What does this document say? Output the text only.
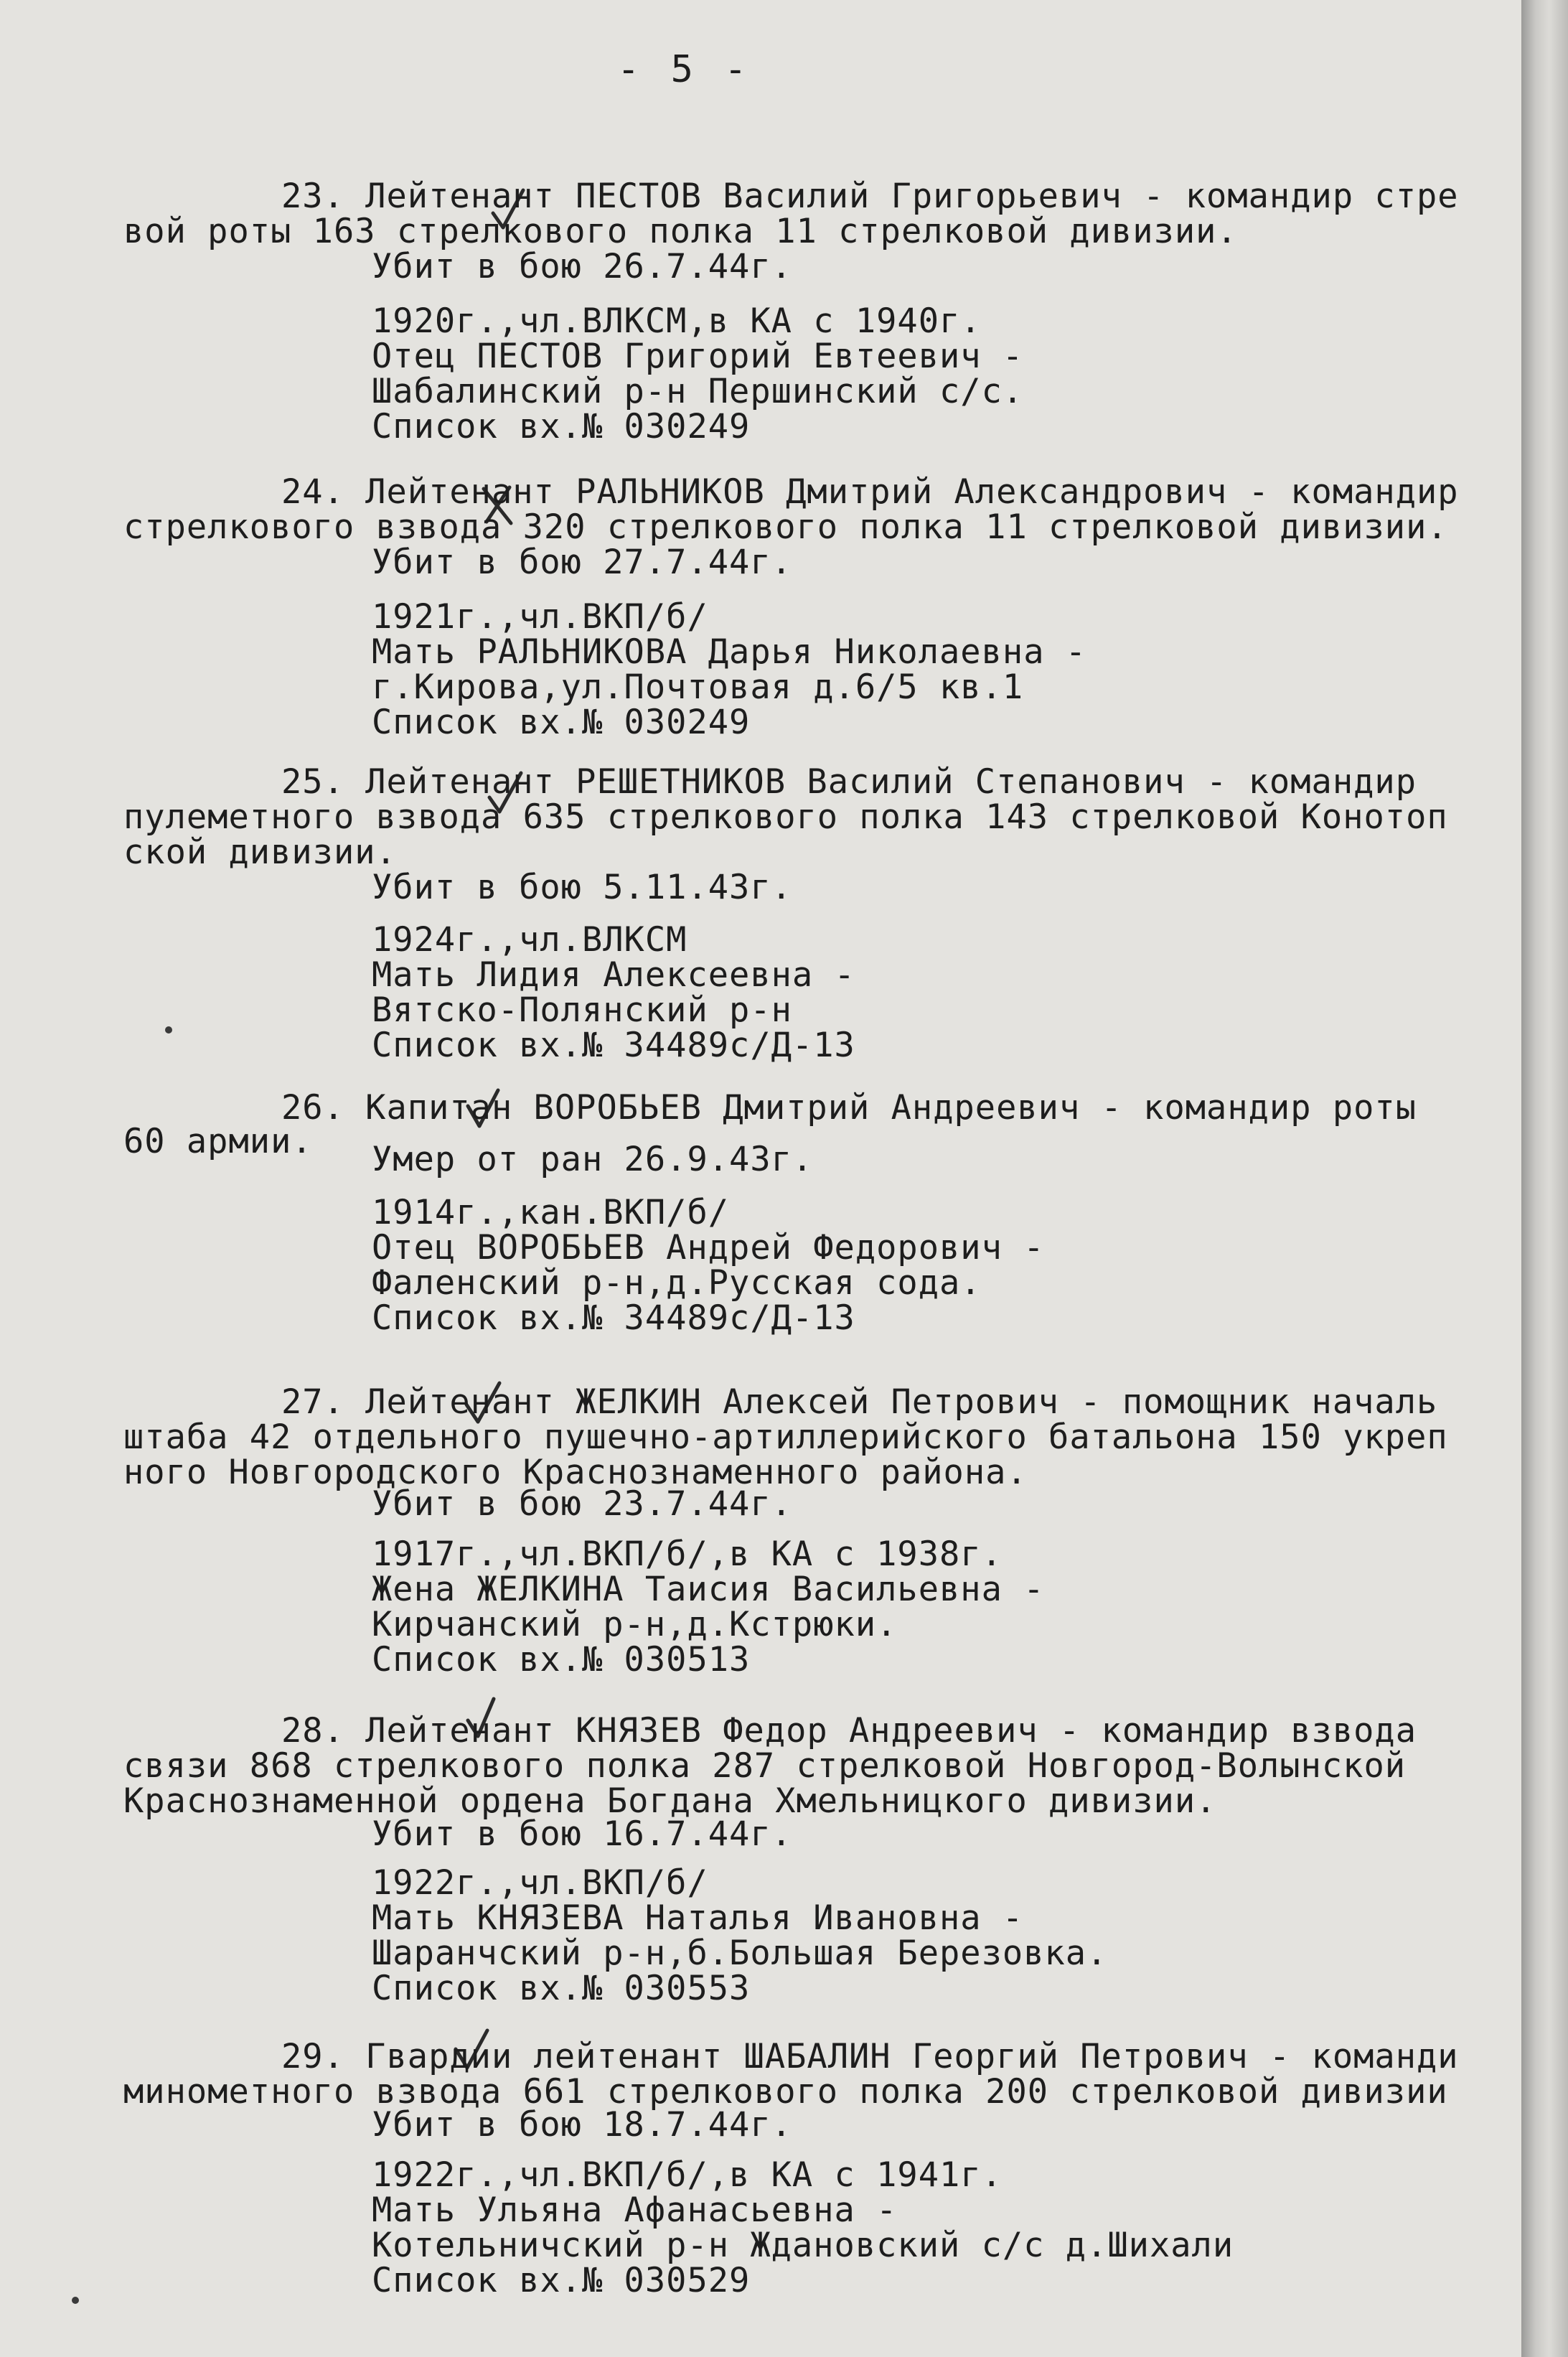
- 5 -

23. Лейтенант ПЕСТОВ Василий Григорьевич - командир стре

вой роты 163 стрелкового полка 11 стрелковой дивизии.

Убит в бою 26.7.44г.

1920г.,чл.ВЛКСМ,в КА с 1940г.

Отец ПЕСТОВ Григорий Евтеевич -

Шабалинский р-н Першинский с/с.

Список вх.№ 030249

24. Лейтенант РАЛЬНИКОВ Дмитрий Александрович - командир

стрелкового взвода 320 стрелкового полка 11 стрелковой дивизии.

Убит в бою 27.7.44г.

1921г.,чл.ВКП/б/

Мать РАЛЬНИКОВА Дарья Николаевна -

г.Кирова,ул.Почтовая д.6/5 кв.1

Список вх.№ 030249

25. Лейтенант РЕШЕТНИКОВ Василий Степанович - командир

пулеметного взвода 635 стрелкового полка 143 стрелковой Конотоп

ской дивизии.

Убит в бою 5.11.43г.

1924г.,чл.ВЛКСМ

Мать Лидия Алексеевна -

Вятско-Полянский р-н

Список вх.№ 34489с/Д-13

26. Капитан ВОРОБЬЕВ Дмитрий Андреевич - командир роты

60 армии.

Умер от ран 26.9.43г.

1914г.,кан.ВКП/б/

Отец ВОРОБЬЕВ Андрей Федорович -

Фаленский р-н,д.Русская сода.

Список вх.№ 34489с/Д-13

27. Лейтенант ЖЕЛКИН Алексей Петрович - помощник началь

штаба 42 отдельного пушечно-артиллерийского батальона 150 укреп

ного Новгородского Краснознаменного района.

Убит в бою 23.7.44г.

1917г.,чл.ВКП/б/,в КА с 1938г.

Жена ЖЕЛКИНА Таисия Васильевна -

Кирчанский р-н,д.Кстрюки.

Список вх.№ 030513

28. Лейтенант КНЯЗЕВ Федор Андреевич - командир взвода

связи 868 стрелкового полка 287 стрелковой Новгород-Волынской

Краснознаменной ордена Богдана Хмельницкого дивизии.

Убит в бою 16.7.44г.

1922г.,чл.ВКП/б/

Мать КНЯЗЕВА Наталья Ивановна -

Шаранчский р-н,б.Большая Березовка.

Список вх.№ 030553

29. Гвардии лейтенант ШАБАЛИН Георгий Петрович - команди

минометного взвода 661 стрелкового полка 200 стрелковой дивизии

Убит в бою 18.7.44г.

1922г.,чл.ВКП/б/,в КА с 1941г.

Мать Ульяна Афанасьевна -

Котельничский р-н Ждановский с/с д.Шихали

Список вх.№ 030529
